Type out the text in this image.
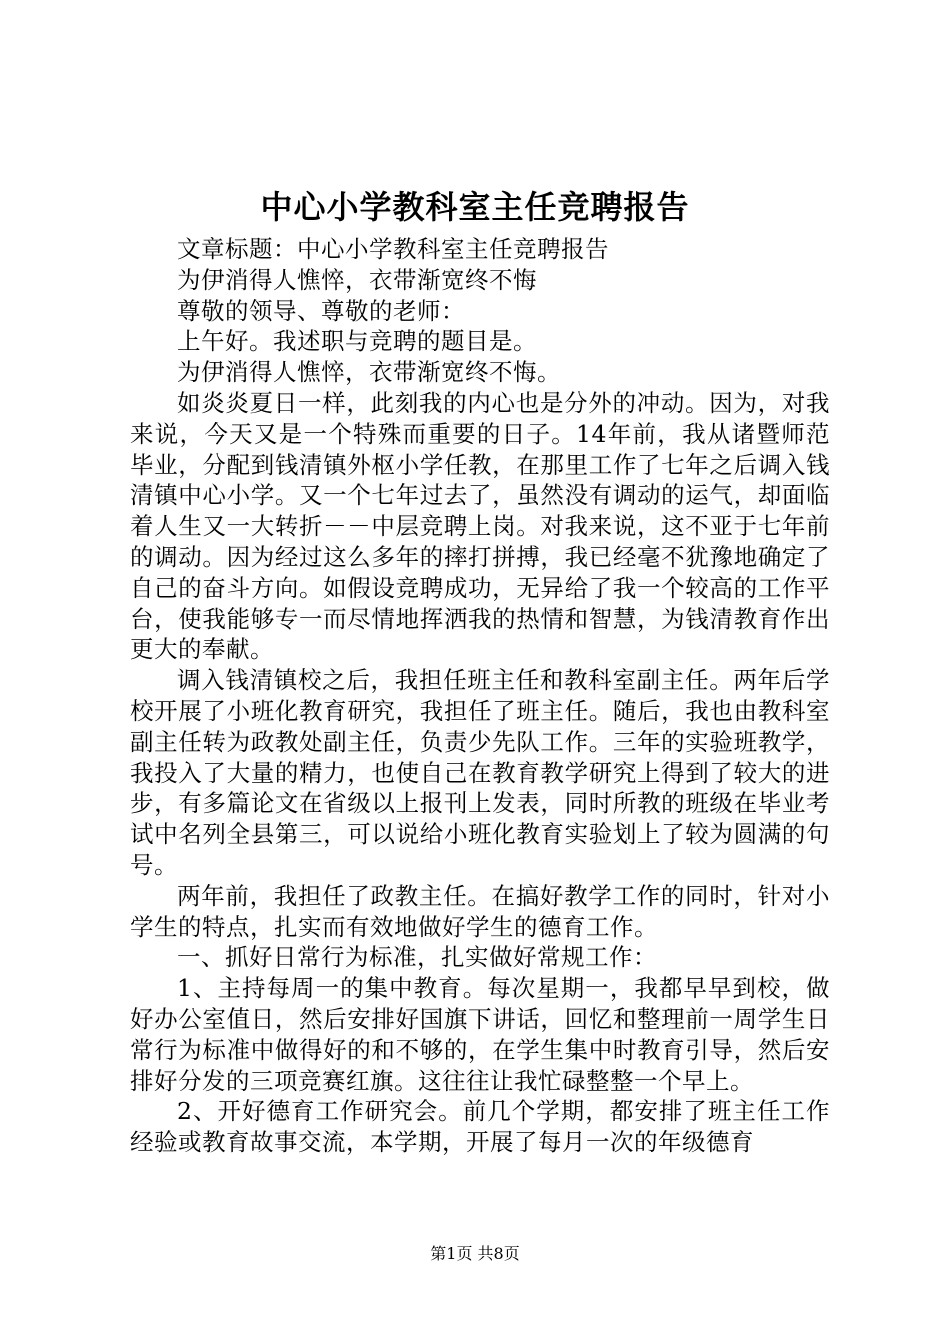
中心小学教科室主任竞聘报告

文章标题：中心小学教科室主任竞聘报告

为伊消得人憔悴，衣带渐宽终不悔

尊敬的领导、尊敬的老师：

上午好。我述职与竞聘的题目是。

为伊消得人憔悴，衣带渐宽终不悔。

如炎炎夏日一样，此刻我的内心也是分外的冲动。因为，对我来说，今天又是一个特殊而重要的日子。14年前，我从诸暨师范毕业，分配到钱清镇外枢小学任教，在那里工作了七年之后调入钱清镇中心小学。又一个七年过去了，虽然没有调动的运气，却面临着人生又一大转折－－中层竞聘上岗。对我来说，这不亚于七年前的调动。因为经过这么多年的摔打拼搏，我已经毫不犹豫地确定了自己的奋斗方向。如假设竞聘成功，无异给了我一个较高的工作平台，使我能够专一而尽情地挥洒我的热情和智慧，为钱清教育作出更大的奉献。

调入钱清镇校之后，我担任班主任和教科室副主任。两年后学校开展了小班化教育研究，我担任了班主任。随后，我也由教科室副主任转为政教处副主任，负责少先队工作。三年的实验班教学，我投入了大量的精力，也使自己在教育教学研究上得到了较大的进步，有多篇论文在省级以上报刊上发表，同时所教的班级在毕业考试中名列全县第三，可以说给小班化教育实验划上了较为圆满的句号。

两年前，我担任了政教主任。在搞好教学工作的同时，针对小学生的特点，扎实而有效地做好学生的德育工作。

一、抓好日常行为标准，扎实做好常规工作：

1、主持每周一的集中教育。每次星期一，我都早早到校，做好办公室值日，然后安排好国旗下讲话，回忆和整理前一周学生日常行为标准中做得好的和不够的，在学生集中时教育引导，然后安排好分发的三项竞赛红旗。这往往让我忙碌整整一个早上。

2、开好德育工作研究会。前几个学期，都安排了班主任工作经验或教育故事交流，本学期，开展了每月一次的年级德育

第1页 共8页
